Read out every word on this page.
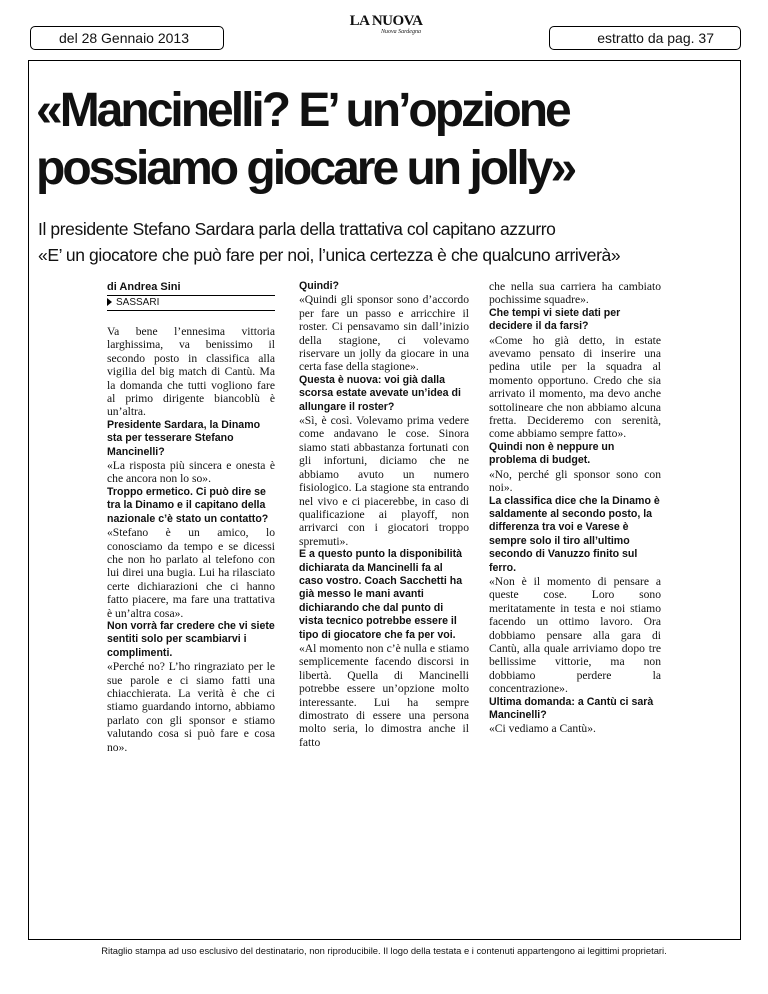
del 28 Gennaio 2013
LA NUOVA
Nuova Sardegna	estratto da pag. 37
«Mancinelli? E’ un’opzione
possiamo giocare un jolly»

Il presidente Stefano Sardara parla della trattativa col capitano azzurro

«E’ un giocatore che può fare per noi, l’unica certezza è che qualcuno arriverà»

di Andrea Sini

SASSARI

Va bene l’ennesima vittoria larghissima, va benissimo il secondo posto in classifica alla vigilia del big match di Cantù. Ma la domanda che tutti vogliono fare al primo dirigente biancoblù è un’altra.

Presidente Sardara, la Dinamo sta per tesserare Stefano Mancinelli?

«La risposta più sincera e onesta è che ancora non lo so».

Troppo ermetico. Ci può dire se tra la Dinamo e il capitano della nazionale c’è stato un contatto?

«Stefano è un amico, lo conosciamo da tempo e se dicessi che non ho parlato al telefono con lui direi una bugia. Lui ha rilasciato certe dichiarazioni che ci hanno fatto piacere, ma fare una trattativa è un’altra cosa».

Non vorrà far credere che vi siete sentiti solo per scambiarvi i complimenti.

«Perché no? L’ho ringraziato per le sue parole e ci siamo fatti una chiacchierata. La verità è che ci stiamo guardando intorno, abbiamo parlato con gli sponsor e stiamo valutando cosa si può fare e cosa no».

Quindi?

«Quindi gli sponsor sono d’accordo per fare un passo e arricchire il roster. Ci pensavamo sin dall’inizio della stagione, ci volevamo riservare un jolly da giocare in una certa fase della stagione».

Questa è nuova: voi già dalla scorsa estate avevate un’idea di allungare il roster?

«Sì, è così. Volevamo prima vedere come andavano le cose. Sinora siamo stati abbastanza fortunati con gli infortuni, diciamo che ne abbiamo avuto un numero fisiologico. La stagione sta entrando nel vivo e ci piacerebbe, in caso di qualificazione ai playoff, non arrivarci con i giocatori troppo spremuti».

E a questo punto la disponibilità dichiarata da Mancinelli fa al caso vostro. Coach Sacchetti ha già messo le mani avanti dichiarando che dal punto di vista tecnico potrebbe essere il tipo di giocatore che fa per voi.

«Al momento non c’è nulla e stiamo semplicemente facendo discorsi in libertà. Quella di Mancinelli potrebbe essere un’opzione molto interessante. Lui ha sempre dimostrato di essere una persona molto seria, lo dimostra anche il fatto

che nella sua carriera ha cambiato pochissime squadre».

Che tempi vi siete dati per decidere il da farsi?

«Come ho già detto, in estate avevamo pensato di inserire una pedina utile per la squadra al momento opportuno. Credo che sia arrivato il momento, ma devo anche sottolineare che non abbiamo alcuna fretta. Decideremo con serenità, come abbiamo sempre fatto».

Quindi non è neppure un problema di budget.

«No, perché gli sponsor sono con noi».

La classifica dice che la Dinamo è saldamente al secondo posto, la differenza tra voi e Varese è sempre solo il tiro all’ultimo secondo di Vanuzzo finito sul ferro.

«Non è il momento di pensare a queste cose. Loro sono meritatamente in testa e noi stiamo facendo un ottimo lavoro. Ora dobbiamo pensare alla gara di Cantù, alla quale arriviamo dopo tre bellissime vittorie, ma non dobbiamo perdere la concentrazione».

Ultima domanda: a Cantù ci sarà Mancinelli?

«Ci vediamo a Cantù».

Ritaglio stampa ad uso esclusivo del destinatario, non riproducibile. Il logo della testata e i contenuti appartengono ai legittimi proprietari.
